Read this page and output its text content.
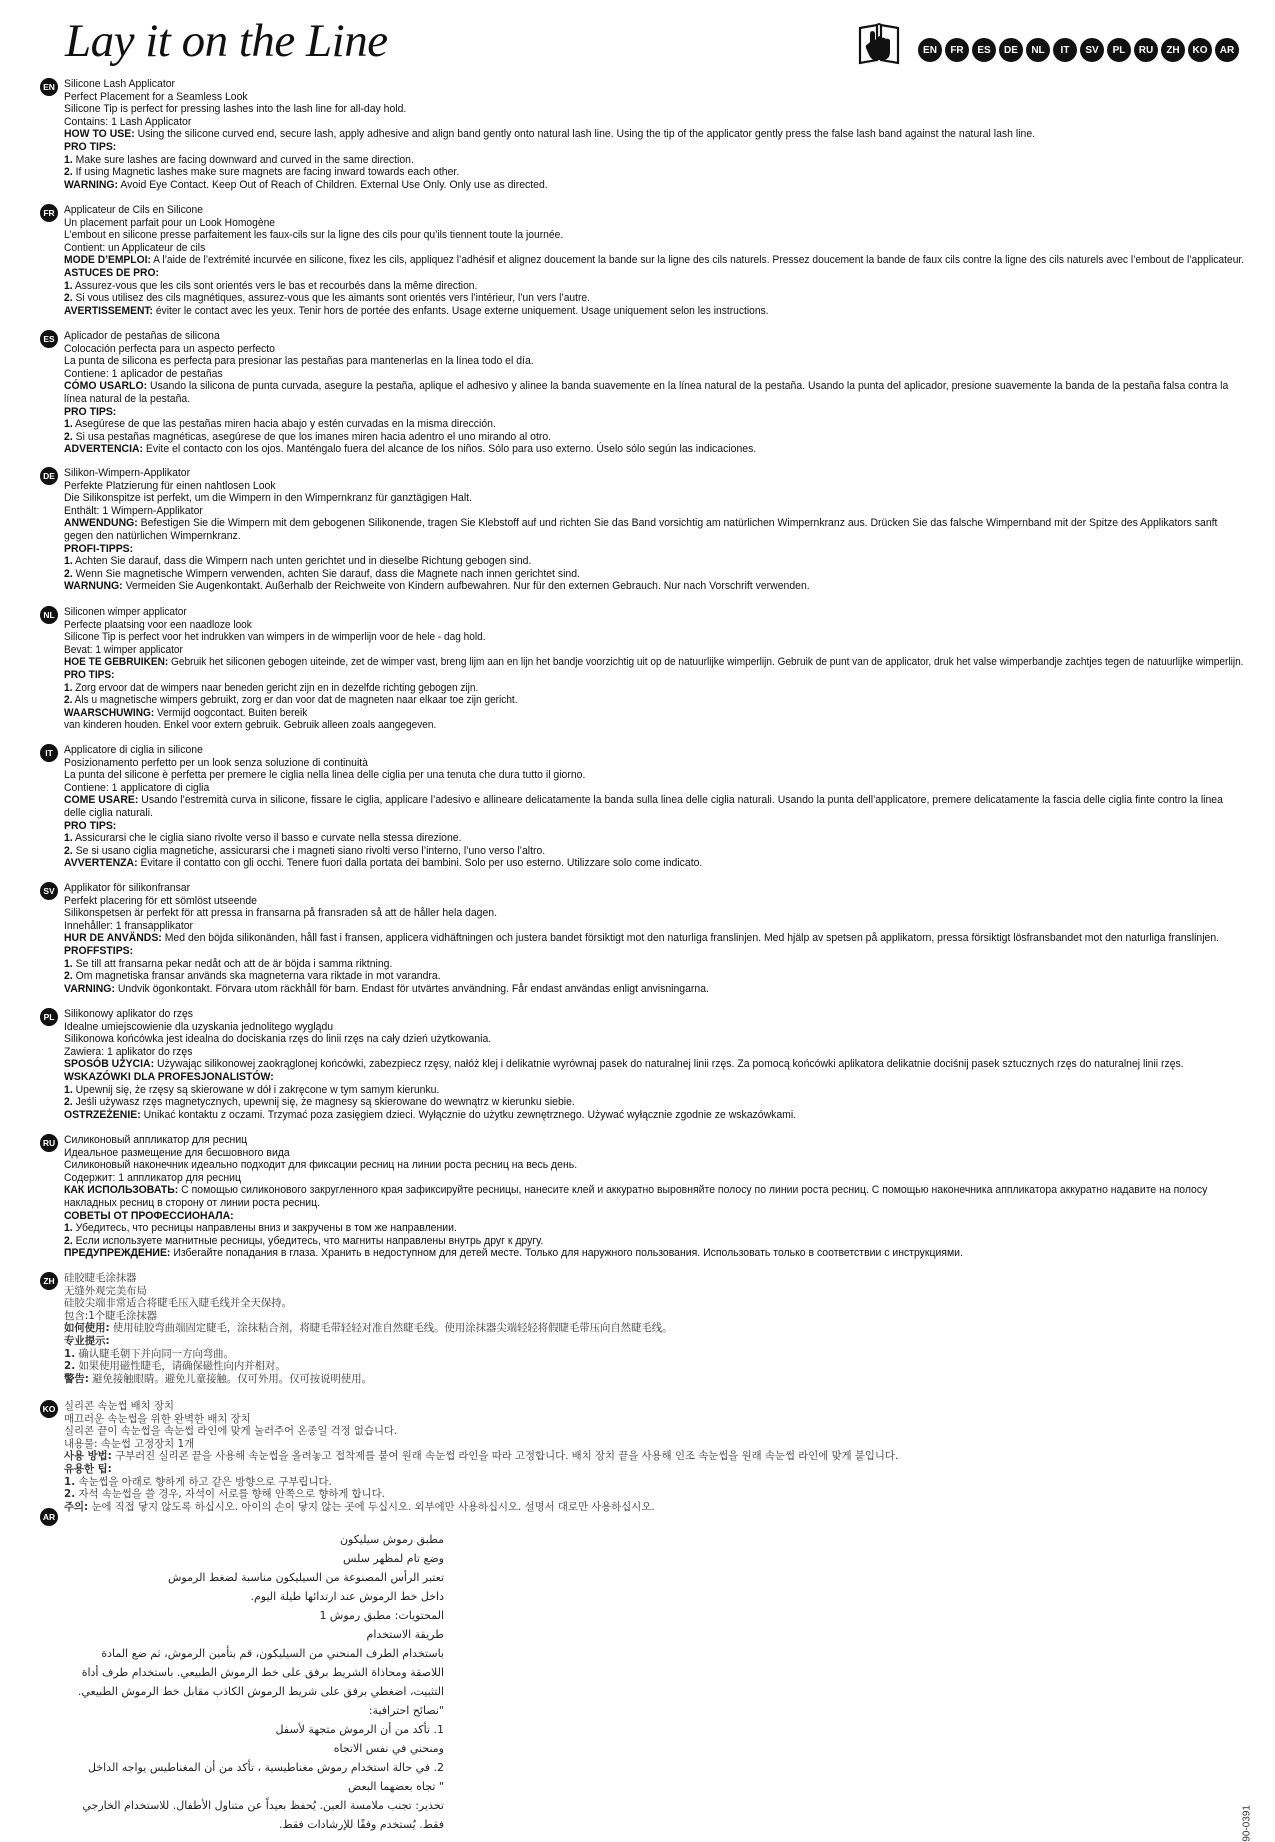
Lay it on the Line	EN	FR	ES	DE	NL	IT	SV	PL	RU	ZH	KO	AR
EN Silicone Lash Applicator
Perfect Placement for a Seamless Look
Silicone Tip is perfect for pressing lashes into the lash line for all-day hold.
Contains: 1 Lash Applicator
HOW TO USE: Using the silicone curved end, secure lash, apply adhesive and align band gently onto natural lash line. Using the tip of the applicator gently press the false lash band against the natural lash line.
PRO TIPS:
1. Make sure lashes are facing downward and curved in the same direction.
2. If using Magnetic lashes make sure magnets are facing inward towards each other.
WARNING: Avoid Eye Contact. Keep Out of Reach of Children. External Use Only. Only use as directed.
FR Applicateur de Cils en Silicone
Un placement parfait pour un Look Homogène
L’embout en silicone presse parfaitement les faux-cils sur la ligne des cils pour qu’ils tiennent toute la journée.
Contient: un Applicateur de cils
MODE D’EMPLOI: A l’aide de l’extrémité incurvée en silicone, fixez les cils, appliquez l’adhésif et alignez doucement la bande sur la ligne des cils naturels. Pressez doucement la bande de faux cils contre la ligne des cils naturels avec l’embout de l’applicateur.
ASTUCES DE PRO:
1. Assurez-vous que les cils sont orientés vers le bas et recourbés dans la même direction.
2. Si vous utilisez des cils magnétiques, assurez-vous que les aimants sont orientés vers l’intérieur, l’un vers l’autre.
AVERTISSEMENT: éviter le contact avec les yeux. Tenir hors de portée des enfants. Usage externe uniquement. Usage uniquement selon les instructions.
ES Aplicador de pestañas de silicona
Colocación perfecta para un aspecto perfecto
La punta de silicona es perfecta para presionar las pestañas para mantenerlas en la línea todo el día.
Contiene: 1 aplicador de pestañas
CÓMO USARLO: Usando la silicona de punta curvada, asegure la pestaña, aplique el adhesivo y alinee la banda suavemente en la línea natural de la pestaña. Usando la punta del aplicador, presione suavemente la banda de la pestaña falsa contra la línea natural de la pestaña.
PRO TIPS:
1. Asegúrese de que las pestañas miren hacia abajo y estén curvadas en la misma dirección.
2. Si usa pestañas magnéticas, asegúrese de que los imanes miren hacia adentro el uno mirando al otro.
ADVERTENCIA: Evite el contacto con los ojos. Manténgalo fuera del alcance de los niños. Sólo para uso externo. Úselo sólo según las indicaciones.
DE Silikon-Wimpern-Applikator
Perfekte Platzierung für einen nahtlosen Look
Die Silikonspitze ist perfekt, um die Wimpern in den Wimpernkranz für ganztägigen Halt.
Enthält: 1 Wimpern-Applikator
ANWENDUNG: Befestigen Sie die Wimpern mit dem gebogenen Silikonende, tragen Sie Klebstoff auf und richten Sie das Band vorsichtig am natürlichen Wimpernkranz aus. Drücken Sie das falsche Wimpernband mit der Spitze des Applikators sanft gegen den natürlichen Wimpernkranz.
PROFI-TIPPS:
1. Achten Sie darauf, dass die Wimpern nach unten gerichtet und in dieselbe Richtung gebogen sind.
2. Wenn Sie magnetische Wimpern verwenden, achten Sie darauf, dass die Magnete nach innen gerichtet sind.
WARNUNG: Vermeiden Sie Augenkontakt. Außerhalb der Reichweite von Kindern aufbewahren. Nur für den externen Gebrauch. Nur nach Vorschrift verwenden.
NL Siliconen wimper applicator
Perfecte plaatsing voor een naadloze look
Silicone Tip is perfect voor het indrukken van wimpers in de wimperlijn voor de hele - dag hold.
Bevat: 1 wimper applicator
HOE TE GEBRUIKEN: Gebruik het siliconen gebogen uiteinde, zet de wimper vast, breng lijm aan en lijn het bandje voorzichtig uit op de natuurlijke wimperlijn. Gebruik de punt van de applicator, druk het valse wimperbandje zachtjes tegen de natuurlijke wimperlijn.
PRO TIPS:
1. Zorg ervoor dat de wimpers naar beneden gericht zijn en in dezelfde richting gebogen zijn.
2. Als u magnetische wimpers gebruikt, zorg er dan voor dat de magneten naar elkaar toe zijn gericht.
WAARSCHUWING: Vermijd oogcontact. Buiten bereik
van kinderen houden. Enkel voor extern gebruik. Gebruik alleen zoals aangegeven.
IT	Applicatore di ciglia in silicone
Posizionamento perfetto per un look senza soluzione di continuità
La punta del silicone è perfetta per premere le ciglia nella linea delle ciglia per una tenuta che dura tutto il giorno.
Contiene: 1 applicatore di ciglia
COME USARE: Usando l’estremità curva in silicone, fissare le ciglia, applicare l’adesivo e allineare delicatamente la banda sulla linea delle ciglia naturali. Usando la punta dell’applicatore, premere delicatamente la fascia delle ciglia finte contro la linea delle ciglia naturali.
PRO TIPS:
1. Assicurarsi che le ciglia siano rivolte verso il basso e curvate nella stessa direzione.
2. Se si usano ciglia magnetiche, assicurarsi che i magneti siano rivolti verso l’interno, l’uno verso l’altro.
AVVERTENZA: Evitare il contatto con gli occhi. Tenere fuori dalla portata dei bambini. Solo per uso esterno. Utilizzare solo come indicato.
SV Applikator för silikonfransar
Perfekt placering för ett sömlöst utseende
Silikonspetsen är perfekt för att pressa in fransarna på fransraden så att de håller hela dagen.
Innehåller: 1 fransapplikator
HUR DE ANVÄNDS: Med den böjda silikonänden, håll fast i fransen, applicera vidhäftningen och justera bandet försiktigt mot den naturliga franslinjen. Med hjälp av spetsen på applikatorn, pressa försiktigt lösfransbandet mot den naturliga franslinjen.
PROFFSTIPS:
1. Se till att fransarna pekar nedåt och att de är böjda i samma riktning.
2. Om magnetiska fransar används ska magneterna vara riktade in mot varandra.
VARNING: Undvik ögonkontakt. Förvara utom räckhåll för barn. Endast för utvärtes användning. Får endast användas enligt anvisningarna.
PL Silikonowy aplikator do rzęs
Idealne umiejscowienie dla uzyskania jednolitego wyglądu
Silikonowa końcówka jest idealna do dociskania rzęs do linii rzęs na cały dzień użytkowania.
Zawiera: 1 aplikator do rzęs
SPOSÓB UŻYCIA: Używając silikonowej zaokrąglonej końcówki, zabezpiecz rzęsy, nałóż klej i delikatnie wyrównaj pasek do naturalnej linii rzęs. Za pomocą końcówki aplikatora delikatnie dociśnij pasek sztucznych rzęs do naturalnej linii rzęs.
WSKAZÓWKI DLA PROFESJONALISTÓW:
1. Upewnij się, że rzęsy są skierowane w dół i zakręcone w tym samym kierunku.
2. Jeśli używasz rzęs magnetycznych, upewnij się, że magnesy są skierowane do wewnątrz w kierunku siebie.
OSTRZEŻENIE: Unikać kontaktu z oczami. Trzymać poza zasięgiem dzieci. Wyłącznie do użytku zewnętrznego. Używać wyłącznie zgodnie ze wskazówkami.
RU Силиконовый аппликатор для ресниц
Идеальное размещение для бесшовного вида
Силиконовый наконечник идеально подходит для фиксации ресниц на линии роста ресниц на весь день.
Содержит: 1 аппликатор для ресниц
КАК ИСПОЛЬЗОВАТЬ: С помощью силиконового закругленного края зафиксируйте ресницы, нанесите клей и аккуратно выровняйте полосу по линии роста ресниц. С помощью наконечника аппликатора аккуратно надавите на полосу накладных ресниц в сторону от линии роста ресниц.
СОВЕТЫ ОТ ПРОФЕССИОНАЛА:
1. Убедитесь, что ресницы направлены вниз и закручены в том же направлении.
2. Если используете магнитные ресницы, убедитесь, что магниты направлены внутрь друг к другу.
ПРЕДУПРЕЖДЕНИЕ: Избегайте попадания в глаза. Хранить в недоступном для детей месте. Только для наружного пользования. Использовать только в соответствии с инструкциями.
ZH 硅胶睫毛涂抹器
无缝外观完美布局
硅胶尖端非常适合将睫毛压入睫毛线并全天保持。
包含:1个睫毛涂抹器
如何使用: 使用硅胶弯曲端固定睫毛，涂抹粘合剂，将睫毛带轻轻对准自然睫毛线。使用涂抹器尖端轻轻将假睫毛带压向自然睫毛线。
专业提示:
1. 确认睫毛朝下并向同一方向弯曲。
2. 如果使用磁性睫毛，请确保磁性向内并相对。
警告: 避免接触眼睛。避免儿童接触。仅可外用。仅可按说明使用。
KO 실리콘 속눈썹 배치 장치
매끄러운 속눈썹을 위한 완벽한 배치 장치
실리콘 끝이 속눈썹을 속눈썹 라인에 맞게 눌러주어 온종일 걱정 없습니다.
내용물: 속눈썹 고정장치 1개
사용 방법: 구부러진 실리콘 끝을 사용해 속눈썹을 올려놓고 접착제를 붙여 원래 속눈썹 라인을 따라 고정합니다. 배치 장치 끝을 사용해 인조 속눈썹을 원래 속눈썹 라인에 맞게 붙입니다.
유용한 팁:
1. 속눈썹을 아래로 향하게 하고 같은 방향으로 구부립니다.
2. 자석 속눈썹을 쓸 경우, 자석이 서로를 향해 안쪽으로 향하게 합니다.
주의: 눈에 직접 닿지 않도록 하십시오. 아이의 손이 닿지 않는 곳에 두십시오. 외부에만 사용하십시오. 설명서 대로만 사용하십시오.
AR
مطبق رموش سيليكون
وضع تام لمظهر سلس
تعتبر الرأس المصنوعة من السيليكون مناسبة لضغط الرموش
داخل خط الرموش عند ارتدائها طيلة اليوم.
المحتويات: مطبق رموش 1
طريقة الاستخدام
باستخدام الطرف المنحني من السيليكون، قم بتأمين الرموش، ثم ضع المادة
اللاصقة ومحاذاة الشريط برفق على خط الرموش الطبيعي. باستخدام طرف أداة
التثبيت، اضغطي برفق على شريط الرموش الكاذب مقابل خط الرموش الطبيعي.
"نصائح احترافية:
1. تأكد من أن الرموش متجهة لأسفل
ومنحني في نفس الاتجاه
2. في حالة استخدام رموش مغناطيسية ، تأكد من أن المغناطيس يواجه الداخل
" تجاه بعضهما البعض
تحذير: تجنب ملامسة العين. يُحفظ بعيداً عن متناول الأطفال. للاستخدام الخارجي
فقط. يُستخدم وفقًا للإرشادات فقط.	90-0391
